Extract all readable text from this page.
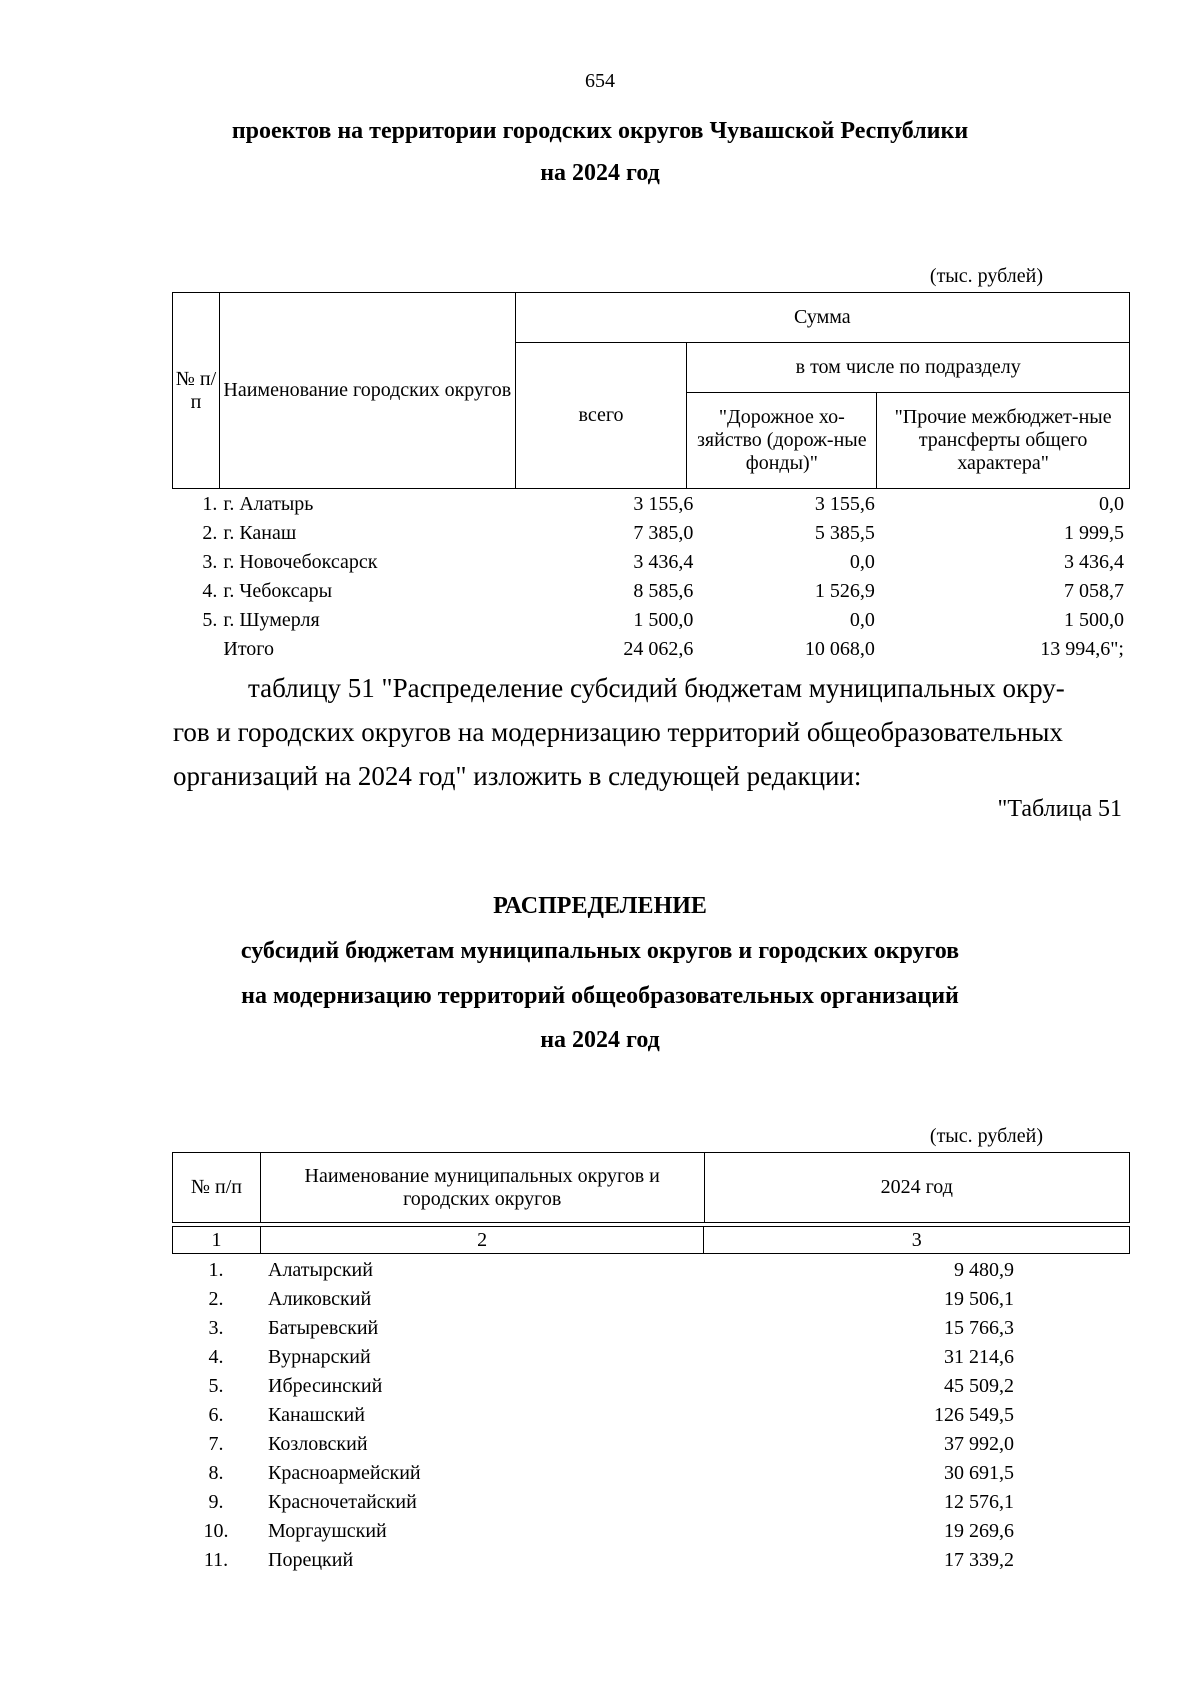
654
проектов на территории городских округов Чувашской Республики
на 2024 год
(тыс. рублей)
№ п/п	Наименование городских округов	Сумма		
		всего	в том числе по подразделу	
			"Дорожное хо-зяйство (дорож-ные фонды)"	"Прочие межбюджет-ные трансферты общего характера"
1.	г. Алатырь	3 155,6	3 155,6	0,0
2.	г. Канаш	7 385,0	5 385,5	1 999,5
3.	г. Новочебоксарск	3 436,4	0,0	3 436,4
4.	г. Чебоксары	8 585,6	1 526,9	7 058,7
5.	г. Шумерля	1 500,0	0,0	1 500,0
	Итого	24 062,6	10 068,0	13 994,6";
таблицу 51 "Распределение субсидий бюджетам муниципальных окру-
гов и городских округов на модернизацию территорий общеобразовательных
организаций на 2024 год" изложить в следующей редакции:
"Таблица 51
РАСПРЕДЕЛЕНИЕ
субсидий бюджетам муниципальных округов и городских округов
на модернизацию территорий общеобразовательных организаций
на 2024 год
(тыс. рублей)
№ п/п	Наименование муниципальных округов и городских округов	2024 год
1	2	3
1.	Алатырский	9 480,9	
2.	Аликовский	19 506,1	
3.	Батыревский	15 766,3	
4.	Вурнарский	31 214,6	
5.	Ибресинский	45 509,2	
6.	Канашский	126 549,5	
7.	Козловский	37 992,0	
8.	Красноармейский	30 691,5	
9.	Красночетайский	12 576,1	
10.	Моргаушский	19 269,6	
11.	Порецкий	17 339,2	
